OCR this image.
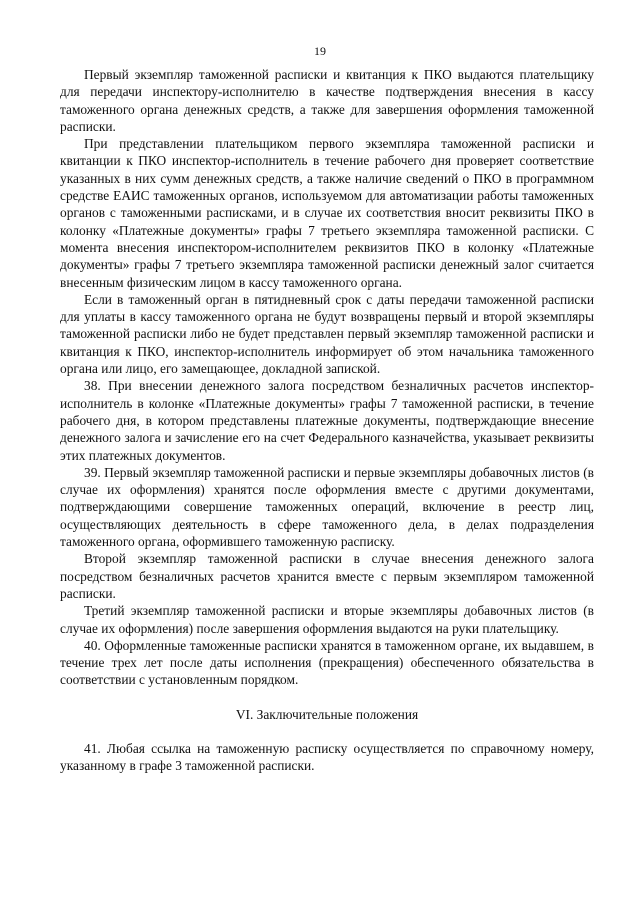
19

Первый экземпляр таможенной расписки и квитанция к ПКО выдаются плательщику для передачи инспектору-исполнителю в качестве подтверждения внесения в кассу таможенного органа денежных средств, а также для завершения оформления таможенной расписки.

При представлении плательщиком первого экземпляра таможенной расписки и квитанции к ПКО инспектор-исполнитель в течение рабочего дня проверяет соответствие указанных в них сумм денежных средств, а также наличие сведений о ПКО в программном средстве ЕАИС таможенных органов, используемом для автоматизации работы таможенных органов с таможенными расписками, и в случае их соответствия вносит реквизиты ПКО в колонку «Платежные документы» графы 7 третьего экземпляра таможенной расписки. С момента внесения инспектором-исполнителем реквизитов ПКО в колонку «Платежные документы» графы 7 третьего экземпляра таможенной расписки денежный залог считается внесенным физическим лицом в кассу таможенного органа.

Если в таможенный орган в пятидневный срок с даты передачи таможенной расписки для уплаты в кассу таможенного органа не будут возвращены первый и второй экземпляры таможенной расписки либо не будет представлен первый экземпляр таможенной расписки и квитанция к ПКО, инспектор-исполнитель информирует об этом начальника таможенного органа или лицо, его замещающее, докладной запиской.

38. При внесении денежного залога посредством безналичных расчетов инспектор-исполнитель в колонке «Платежные документы» графы 7 таможенной расписки, в течение рабочего дня, в котором представлены платежные документы, подтверждающие внесение денежного залога и зачисление его на счет Федерального казначейства, указывает реквизиты этих платежных документов.

39. Первый экземпляр таможенной расписки и первые экземпляры добавочных листов (в случае их оформления) хранятся после оформления вместе с другими документами, подтверждающими совершение таможенных операций, включение в реестр лиц, осуществляющих деятельность в сфере таможенного дела, в делах подразделения таможенного органа, оформившего таможенную расписку.

Второй экземпляр таможенной расписки в случае внесения денежного залога посредством безналичных расчетов хранится вместе с первым экземпляром таможенной расписки.

Третий экземпляр таможенной расписки и вторые экземпляры добавочных листов (в случае их оформления) после завершения оформления выдаются на руки плательщику.

40. Оформленные таможенные расписки хранятся в таможенном органе, их выдавшем, в течение трех лет после даты исполнения (прекращения) обеспеченного обязательства в соответствии с установленным порядком.

VI. Заключительные положения

41. Любая ссылка на таможенную расписку осуществляется по справочному номеру, указанному в графе 3 таможенной расписки.
